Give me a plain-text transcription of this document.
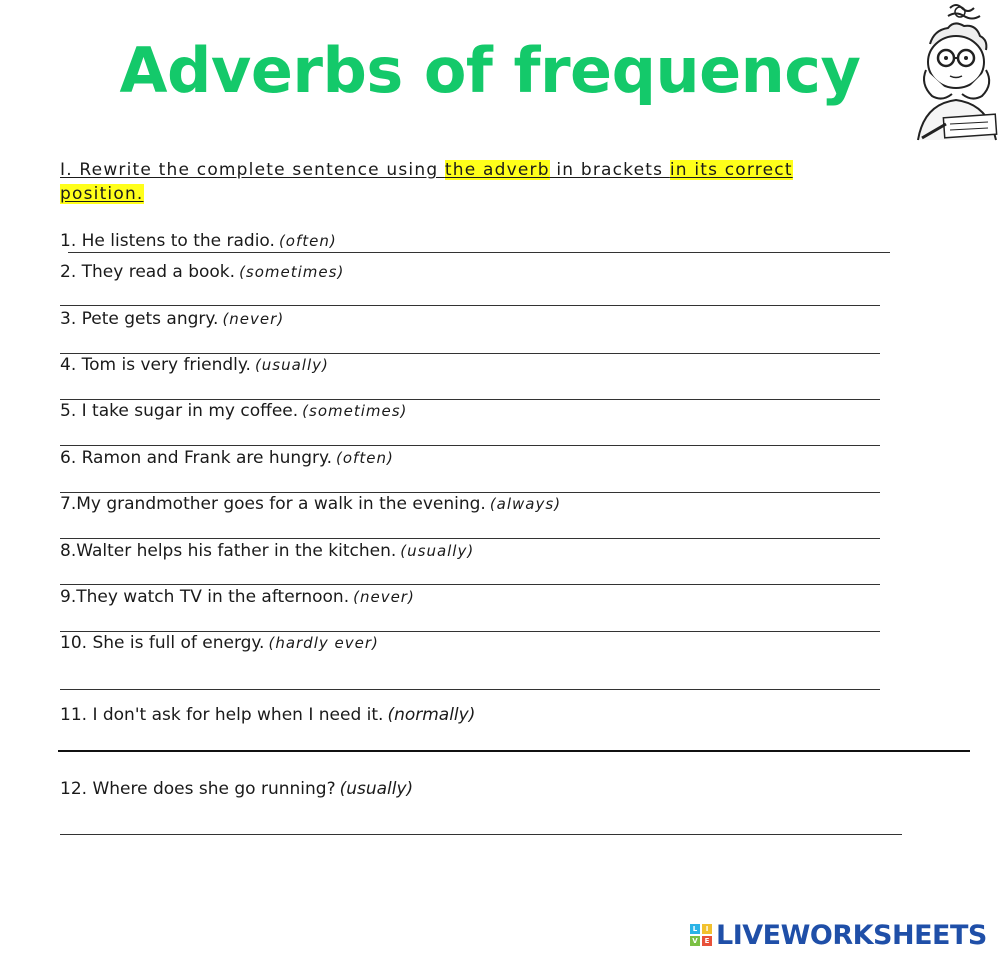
Adverbs of frequency
I. Rewrite the complete sentence using the adverb in brackets in its correct position.
1. He listens to the radio. (often)
2. They read a book. (sometimes)
3. Pete gets angry. (never)
4. Tom is very friendly. (usually)
5. I take sugar in my coffee. (sometimes)
6. Ramon and Frank are hungry. (often)
7.My grandmother goes for a walk in the evening. (always)
8.Walter helps his father in the kitchen. (usually)
9.They watch TV in the afternoon. (never)
10. She is full of energy. (hardly ever)
11. I don't ask for help when I need it. (normally)
12. Where does she go running? (usually)
L	I
V E LIVEWORKSHEETS
